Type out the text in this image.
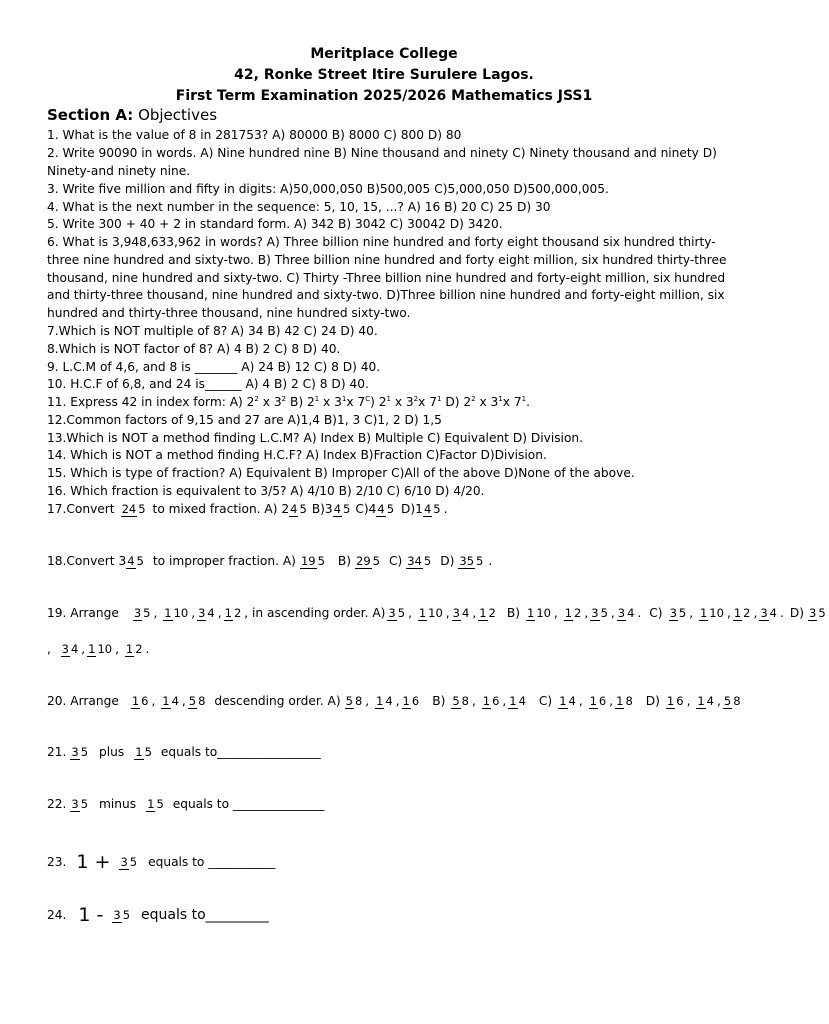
Meritplace College
42, Ronke Street Itire Surulere Lagos.
First Term Examination 2025/2026 Mathematics JSS1
Section A: Objectives
1. What is the value of 8 in 281753? A) 80000 B) 8000 C) 800 D) 80
2. Write 90090 in words. A) Nine hundred nine B) Nine thousand and ninety C) Ninety thousand and ninety D) Ninety-and ninety nine.
3. Write five million and fifty in digits: A)50,000,050 B)500,005 C)5,000,050 D)500,000,005.
4. What is the next number in the sequence: 5, 10, 15, ...? A) 16 B) 20 C) 25 D) 30
5. Write 300 + 40 + 2 in standard form. A) 342 B) 3042 C) 30042 D) 3420.
6. What is 3,948,633,962 in words? A) Three billion nine hundred and forty eight thousand six hundred thirty-three nine hundred and sixty-two. B) Three billion nine hundred and forty eight million, six hundred thirty-three thousand, nine hundred and sixty-two. C) Thirty -Three billion nine hundred and forty-eight million, six hundred and thirty-three thousand, nine hundred and sixty-two. D)Three billion nine hundred and forty-eight million, six hundred and thirty-three thousand, nine hundred sixty-two.
7.Which is NOT multiple of 8? A) 34 B) 42 C) 24 D) 40.
8.Which is NOT factor of 8? A) 4 B) 2 C) 8 D) 40.
9. L.C.M of 4,6, and 8 is _______ A) 24 B) 12 C) 8 D) 40.
10. H.C.F of 6,8, and 24 is______ A) 4 B) 2 C) 8 D) 40.
11. Express 42 in index form: A) $2^2$ x $3^2$ B) $2^1$ x $3^1x$ $7^C$) $2^1$ x $3^2x$ $7^1$ D) $2^2$ x $3^1x$ $7^1$.
12.Common factors of 9,15 and 27 are A)1,4 B)1, 3 C)1, 2 D) 1,5
13.Which is NOT a method finding L.C.M? A) Index B) Multiple C) Equivalent D) Division.
14. Which is NOT a method finding H.C.F? A) Index B)Fraction C)Factor D)Division.
15. Which is type of fraction? A) Equivalent B) Improper C)All of the above D)None of the above.
16. Which fraction is equivalent to 3/5? A) 4/10 B) 2/10 C) 6/10 D) 4/20.
17.Convert 24 5 to mixed fraction. A) 2 4 5 B)3 4 5 C)4 4 5 D)1 4 5 .
18.Convert 3 4 5 to improper fraction. A) 19 5 B) 29 5 C) 34 5 D) 35 5 .
19. Arrange 3 5 , 1 10 , 3 4 , 1 2 , in ascending order. A) 3 5 , 1 10 , 3 4 , 1 2 B) 1 10 , 1 2 , 3 5 , 3 4 . C) 3 5 , 1 10 , 1 2 , 3 4 . D) 3 5
, 3 4 , 1 10 , 1 2 .
20. Arrange 1 6 , 1 4 , 5 8 descending order. A) 5 8 , 1 4 , 1 6 B) 5 8 , 1 6 , 1 4 C) 1 4 , 1 6 , 1 8 D) 1 6 , 1 4 , 5 8
21. 3 5 plus 1 5 equals to_________________
22. 3 5 minus 1 5 equals to _______________
23. 1 + 3 5 equals to ___________
24. 1 - 3 5 equals to_________
